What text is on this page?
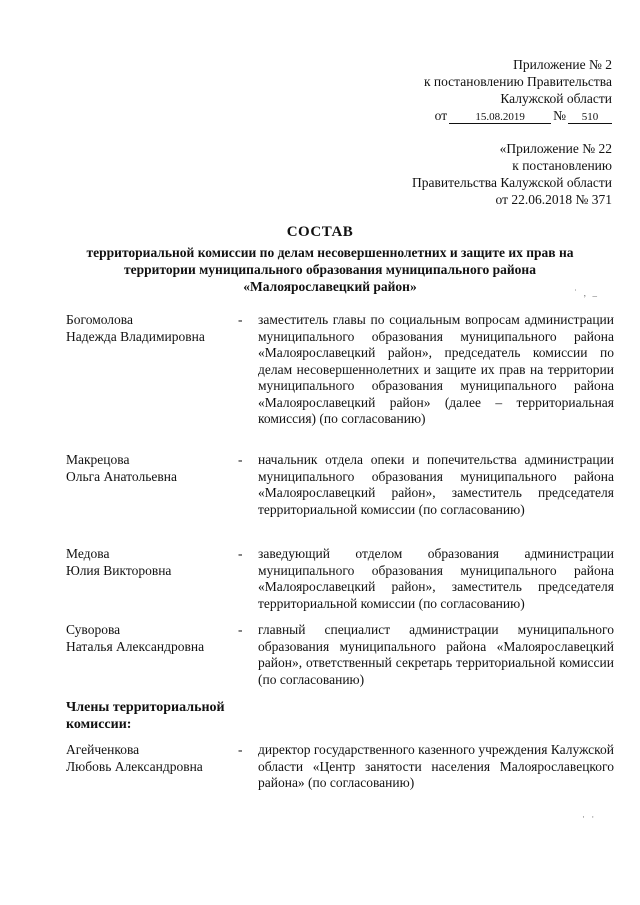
Приложение № 2
к постановлению Правительства
Калужской области
от	15.08.2019	№	510
«Приложение № 22
к постановлению
Правительства Калужской области
от 22.06.2018 № 371
СОСТАВ
территориальной комиссии по делам несовершеннолетних и защите их прав на
территории муниципального образования муниципального района
«Малоярославецкий район»	˙ ‚ _
Богомолова
Надежда Владимировна
- заместитель главы по социальным вопросам администрации муниципального образования муниципального района «Малоярославецкий район», председатель комиссии по делам несовершеннолетних и защите их прав на территории муниципального образования муниципального района «Малоярославецкий район» (далее – территориальная комиссия) (по согласованию)
Макрецова
Ольга Анатольевна
- начальник отдела опеки и попечительства администрации муниципального образования муниципального района «Малоярославецкий район», заместитель председателя территориальной комиссии (по согласованию)
Медова
Юлия Викторовна
- заведующий отделом образования администрации муниципального образования муниципального района «Малоярославецкий район», заместитель председателя территориальной комиссии (по согласованию)
Суворова
Наталья Александровна
- главный специалист администрации муниципального образования муниципального района «Малоярославецкий район», ответственный секретарь территориальной комиссии (по согласованию)
Члены территориальной комиссии:
Агейченкова
Любовь Александровна
- директор государственного казенного учреждения Калужской области «Центр занятости населения Малоярославецкого района» (по согласованию)
· ·
